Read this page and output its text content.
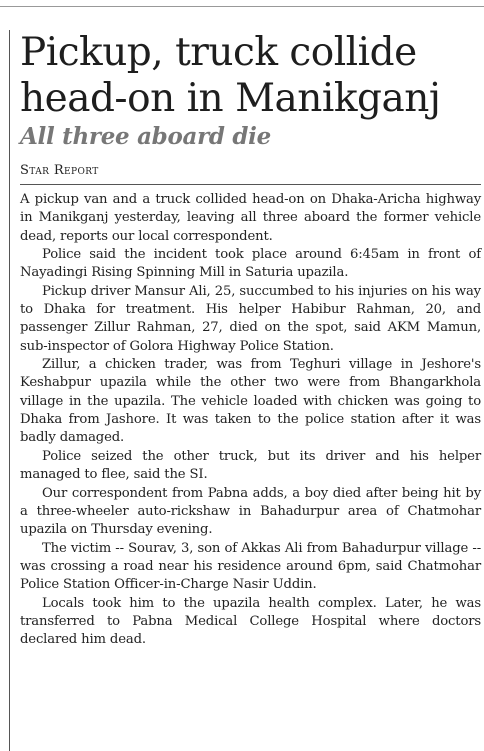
Pickup, truck collide
head-on in Manikganj
All three aboard die
Star Report

A pickup van and a truck collided head-on on Dhaka-Aricha highway in Manikganj yesterday, leaving all three aboard the former vehicle dead, reports our local correspondent.

Police said the incident took place around 6:45am in front of Nayadingi Rising Spinning Mill in Saturia upazila.

Pickup driver Mansur Ali, 25, succumbed to his injuries on his way to Dhaka for treatment. His helper Habibur Rahman, 20, and passenger Zillur Rahman, 27, died on the spot, said AKM Mamun, sub-inspector of Golora Highway Police Station.

Zillur, a chicken trader, was from Teghuri village in Jeshore's Keshabpur upazila while the other two were from Bhangarkhola village in the upazila. The vehicle loaded with chicken was going to Dhaka from Jashore. It was taken to the police station after it was badly damaged.

Police seized the other truck, but its driver and his helper managed to flee, said the SI.

Our correspondent from Pabna adds, a boy died after being hit by a three-wheeler auto-rickshaw in Bahadurpur area of Chatmohar upazila on Thursday evening.

The victim -- Sourav, 3, son of Akkas Ali from Bahadurpur village -- was crossing a road near his residence around 6pm, said Chatmohar Police Station Officer-in-Charge Nasir Uddin.

Locals took him to the upazila health complex. Later, he was transferred to Pabna Medical College Hospital where doctors declared him dead.
